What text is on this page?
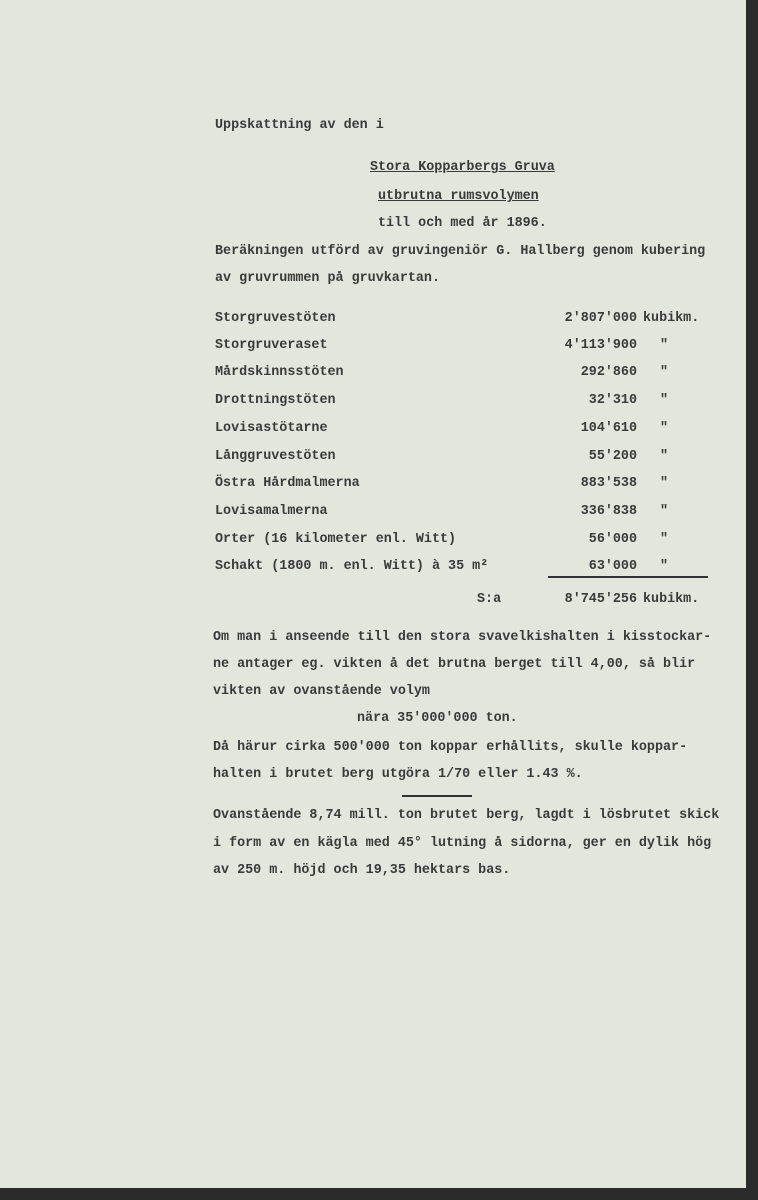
Uppskattning av den i
Stora Kopparbergs Gruva
utbrutna rumsvolymen
till och med år 1896.
Beräkningen utförd av gruvingeniör G. Hallberg genom kubering
av gruvrummen på gruvkartan.
Storgruvestöten	2'807'000 kubikm.
Storgruveraset	4'113'900 "
Mårdskinnsstöten	292'860 "
Drottningstöten	32'310 "
Lovisastötarne	104'610 "
Långgruvestöten	55'200 "
Östra Hårdmalmerna	883'538 "
Lovisamalmerna	336'838 "
Orter (16 kilometer enl. Witt)	56'000 "
Schakt (1800 m. enl. Witt) à 35 m²	63'000 "
S:a	8'745'256 kubikm.
Om man i anseende till den stora svavelkishalten i kisstockar-
ne antager eg. vikten å det brutna berget till 4,00, så blir
vikten av ovanstående volym
nära 35'000'000 ton.
Då härur cirka 500'000 ton koppar erhållits, skulle koppar-
halten i brutet berg utgöra 1/70 eller 1.43 %.
Ovanstående 8,74 mill. ton brutet berg, lagdt i lösbrutet skick
i form av en kägla med 45° lutning å sidorna, ger en dylik hög
av 250 m. höjd och 19,35 hektars bas.
